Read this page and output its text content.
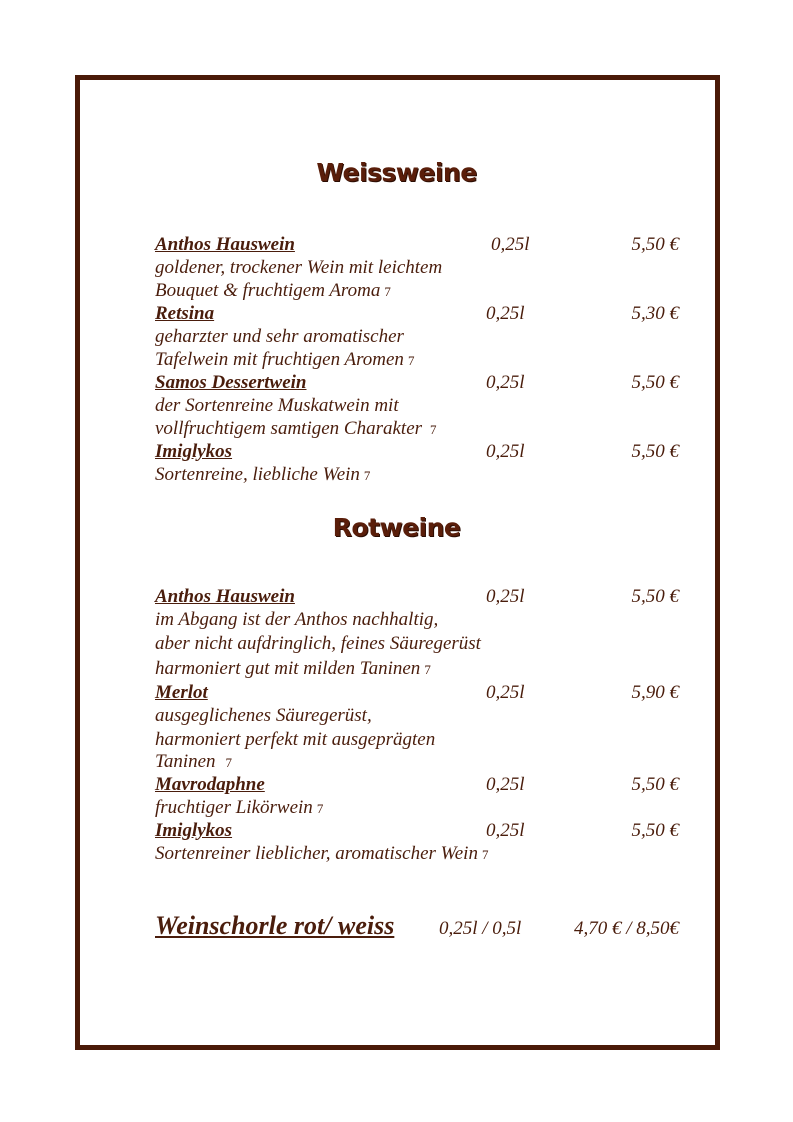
Weissweine
Anthos Hauswein	0,25l	5,50 €
goldener, trockener Wein mit leichtem
Bouquet & fruchtigem Aroma 7
Retsina	0,25l	5,30 €
geharzter und sehr aromatischer
Tafelwein mit fruchtigen Aromen 7
Samos Dessertwein	0,25l	5,50 €
der Sortenreine Muskatwein mit
vollfruchtigem samtigen Charakter 7
Imiglykos	0,25l	5,50 €
Sortenreine, liebliche Wein 7
Rotweine
Anthos Hauswein	0,25l	5,50 €
im Abgang ist der Anthos nachhaltig,
aber nicht aufdringlich, feines Säuregerüst
harmoniert gut mit milden Taninen 7
Merlot	0,25l	5,90 €
ausgeglichenes Säuregerüst,
harmoniert perfekt mit ausgeprägten
Taninen 7
Mavrodaphne	0,25l	5,50 €
fruchtiger Likörwein 7
Imiglykos	0,25l	5,50 €
Sortenreiner lieblicher, aromatischer Wein 7
Weinschorle rot/ weiss 0,25l / 0,5l	4,70 € / 8,50€
